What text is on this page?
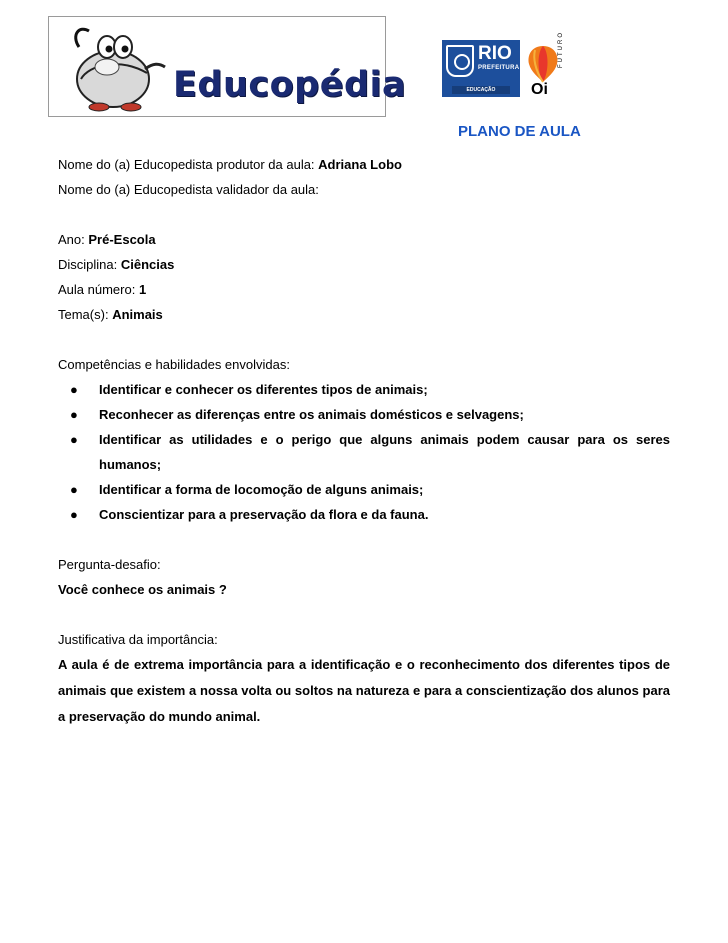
Educopédia
RIO
PREFEITURA
EDUCAÇÃO	Oi
FUTURO
PLANO DE AULA
Nome do (a) Educopedista produtor da aula: Adriana Lobo
Nome do (a) Educopedista validador da aula:
Ano: Pré-Escola
Disciplina: Ciências
Aula número: 1
Tema(s): Animais
Competências e habilidades envolvidas:
● Identificar e conhecer os diferentes tipos de animais;
● Reconhecer as diferenças entre os animais domésticos e selvagens;
● Identificar as utilidades e o perigo que alguns animais podem causar para os seres humanos;
● Identificar a forma de locomoção de alguns animais;
● Conscientizar para a preservação da flora e da fauna.
Pergunta-desafio:
Você conhece os animais ?
Justificativa da importância:
A aula é de extrema importância para a identificação e o reconhecimento dos diferentes tipos de animais que existem a nossa volta ou soltos na natureza e para a conscientização dos alunos para a preservação do mundo animal.
